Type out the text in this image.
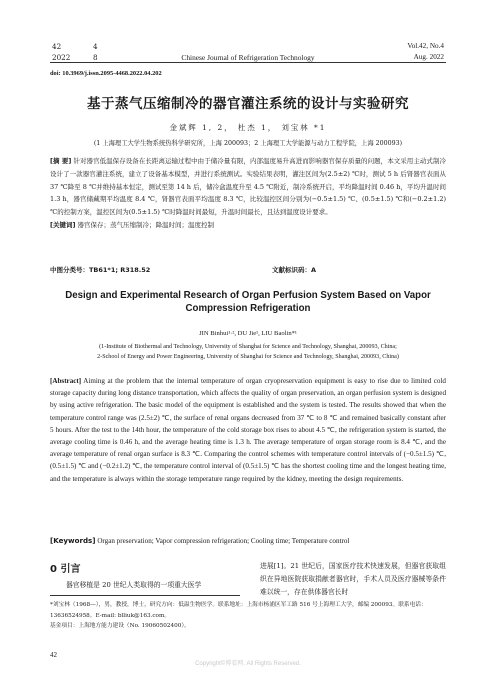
42	4
2022	8	Chinese Journal of Refrigeration Technology
Vol.42, No.4
Aug. 2022
doi: 10.3969/j.issn.2095-4468.2022.04.202
基于蒸气压缩制冷的器官灌注系统的设计与实验研究
金斌辉 1, 2， 杜杰 1， 刘宝林 *1
(1 上海理工大学生物系统热科学研究所，上海 200093；2 上海理工大学能源与动力工程学院，上海 200093)

[摘 要] 针对器官低温保存设备在长距离运输过程中由于储冷量有限，内部温度易升高进而影响器官保存质量的问题，本文采用主动式制冷设计了一款器官灌注系统，建立了设备基本模型，并进行系统测试。实验结果表明，灌注区间为(2.5±2) ℃时，测试 5 h 后肾器官表面从 37 ℃降至 8 ℃并维持基本恒定，测试至第 14 h 后，储冷盒温度升至 4.5 ℃附近，制冷系统开启，平均降温时间 0.46 h，平均升温时间 1.3 h，器官储藏期平均温度 8.4 ℃，肾器官表面平均温度 8.3 ℃，比较温控区间分别为(−0.5±1.5) ℃、(0.5±1.5) ℃和(−0.2±1.2) ℃的控制方案，温控区间为(0.5±1.5) ℃时降温时间最短，升温时间最长，且达到温度设计要求。

[关键词] 器官保存；蒸气压缩制冷；降温时间；温度控制

中图分类号：TB61*1; R318.52	文献标识码：A
Design and Experimental Research of Organ Perfusion System Based on Vapor Compression Refrigeration
JIN Binhui¹·², DU Jie¹, LIU Baolin*¹
(1-Institute of Biothermal and Technology, University of Shanghai for Science and Technology, Shanghai, 200093, China;
2-School of Energy and Power Engineering, University of Shanghai for Science and Technology, Shanghai, 200093, China)

[Abstract] Aiming at the problem that the internal temperature of organ cryopreservation equipment is easy to rise due to limited cold storage capacity during long distance transportation, which affects the quality of organ preservation, an organ perfusion system is designed by using active refrigeration. The basic model of the equipment is established and the system is tested. The results showed that when the temperature control range was (2.5±2) ℃, the surface of renal organs decreased from 37 ℃ to 8 ℃ and remained basically constant after 5 hours. After the test to the 14th hour, the temperature of the cold storage box rises to about 4.5 ℃, the refrigeration system is started, the average cooling time is 0.46 h, and the average heating time is 1.3 h. The average temperature of organ storage room is 8.4 ℃, and the average temperature of renal organ surface is 8.3 ℃. Comparing the control schemes with temperature control intervals of (−0.5±1.5) ℃, (0.5±1.5) ℃ and (−0.2±1.2) ℃, the temperature control interval of (0.5±1.5) ℃ has the shortest cooling time and the longest heating time, and the temperature is always within the storage temperature range required by the kidney, meeting the design requirements.

[Keywords] Organ preservation; Vapor compression refrigeration; Cooling time; Temperature control
0 引言
器官移植是 20 世纪人类取得的一项重大医学
进展[1]。21 世纪后，国家医疗技术快速发展，但器官获取组织在异地医院获取捐献者器官时，手术人员及医疗器械等条件难以统一，存在供体器官长时
*刘宝林（1968—），男，教授，博士，研究方向：低温生物医学。联系地址：上海市杨浦区军工路 516 号上海理工大学，邮编 200093。联系电话：13636524958。E-mail: blliuk@163.com。
基金项目：上海地方能力建设（No. 19060502400）。
42
Copyright©博看网. All Rights Reserved.
